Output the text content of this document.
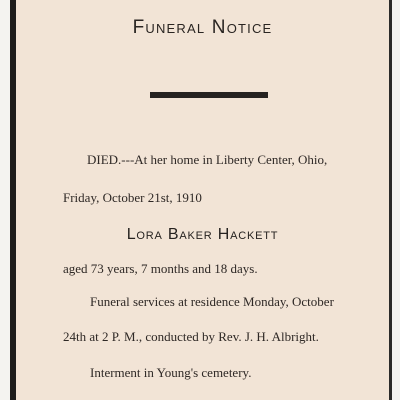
Funeral Notice
DIED.---At her home in Liberty Center, Ohio,
Friday, October 21st, 1910
Lora Baker Hackett
aged 73 years, 7 months and 18 days.
Funeral services at residence Monday, October
24th at 2 P. M., conducted by Rev. J. H. Albright.
Interment in Young's cemetery.
